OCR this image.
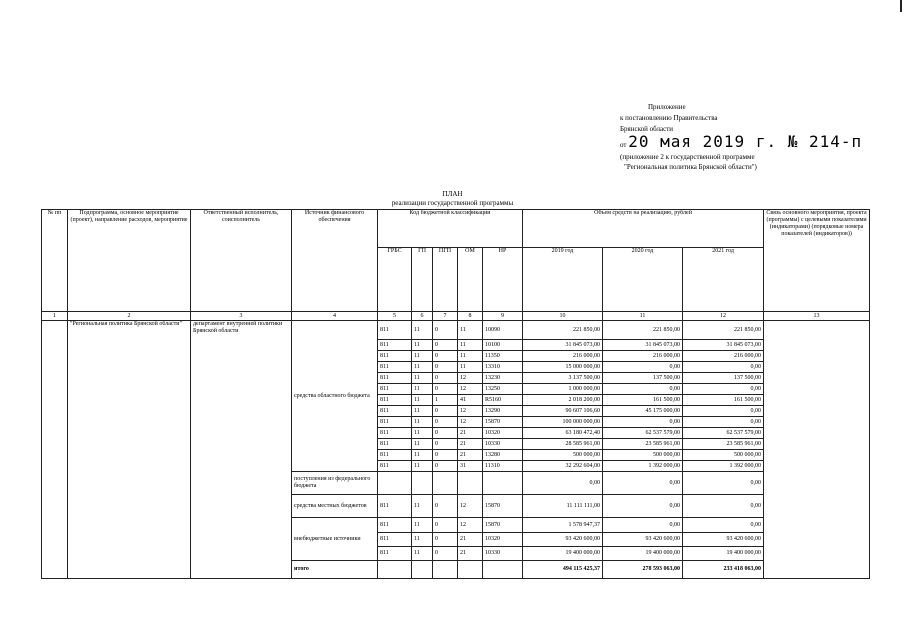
Приложение
к постановлению Правительства
Брянской области
от 20 мая 2019 г. № 214-п
(приложение 2 к государственной программе
"Региональная политика Брянской области")
ПЛАН
реализации государственной программы
№ пп	Подпрограмма, основное мероприятие (проект), направление расходов, мероприятие	Ответственный исполнитель, соисполнитель	Источник финансового обеспечения	Код бюджетной классификации					Объем средств на реализацию, рублей			Связь основного мероприятия, проекта (программы) с целевыми показателями (индикаторами) (порядковые номера показателей (индикаторов))
				ГРБС	ГП	ПГП	ОМ	НР	2019 год	2020 год	2021 год	
1	2	3	4	5	6	7	8	9	10	11	12	13
	"Региональная политика Брянской области"	департамент внутренней политики Брянской области	средства областного бюджета	811	11	0	11	10090	221 850,00	221 850,00	221 850,00	
				811	11	0	11	10100	31 845 073,00	31 845 073,00	31 845 073,00	
				811	11	0	11	11350	216 000,00	216 000,00	216 000,00	
				811	11	0	11	13310	15 000 000,00	0,00	0,00	
				811	11	0	12	13230	3 137 500,00	137 500,00	137 500,00	
				811	11	0	12	13250	1 000 000,00	0,00	0,00	
				811	11	1	41	R5160	2 018 200,00	161 500,00	161 500,00	
				811	11	0	12	13290	90 607 106,60	45 175 000,00	0,00	
				811	11	0	12	15870	100 000 000,00	0,00	0,00	
				811	11	0	21	10320	63 180 472,40	62 537 579,00	62 537 579,00	
				811	11	0	21	10330	28 585 961,00	23 585 961,00	23 585 961,00	
				811	11	0	21	13280	500 000,00	500 000,00	500 000,00	
				811	11	0	31	11310	32 292 604,00	1 392 000,00	1 392 000,00	
			поступления из федерального бюджета						0,00	0,00	0,00	
			средства местных бюджетов	811	11	0	12	15870	11 111 111,00	0,00	0,00	
			внебюджетные источники	811	11	0	12	15870	1 578 947,37	0,00	0,00	
				811	11	0	21	10320	93 420 600,00	93 420 600,00	93 420 600,00	
				811	11	0	21	10330	19 400 000,00	19 400 000,00	19 400 000,00	
			итого						494 115 425,37	278 593 063,00	233 418 063,00	
